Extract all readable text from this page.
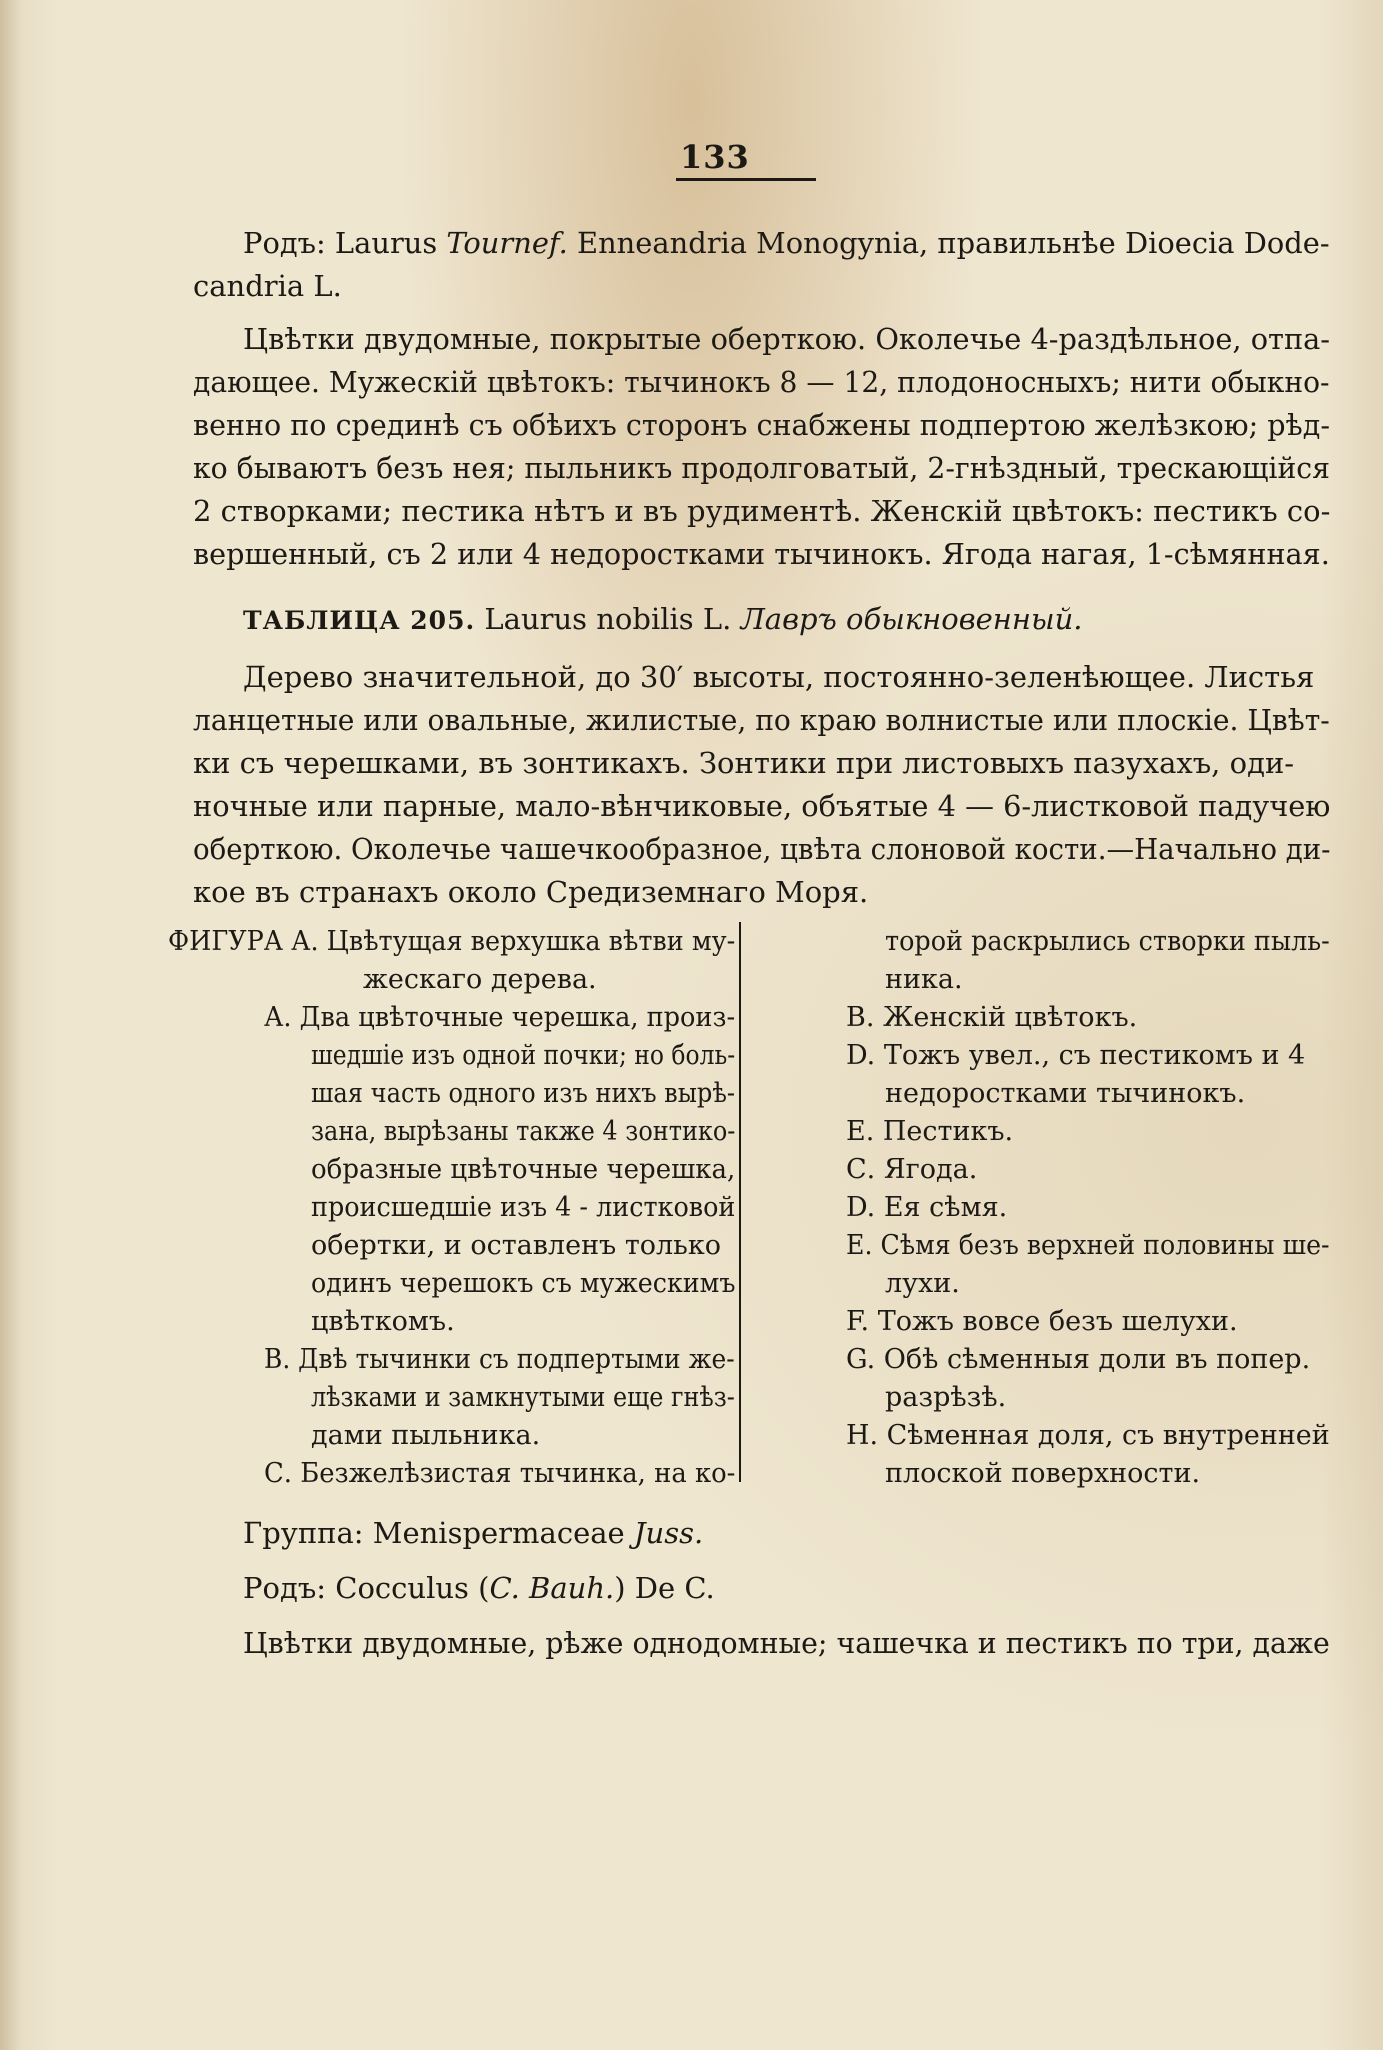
133
Родъ: Laurus Tournef. Enneandria Monogynia, правильнѣе Dioecia Dode-
candria L.
Цвѣтки двудомные, покрытые оберткою. Околечье 4-раздѣльное, отпа-
дающее. Мужескій цвѣтокъ: тычинокъ 8 — 12, плодоносныхъ; нити обыкно-
венно по срединѣ съ обѣихъ сторонъ снабжены подпертою желѣзкою; рѣд-
ко бываютъ безъ нея; пыльникъ продолговатый, 2-гнѣздный, трескающійся
2 створками; пестика нѣтъ и въ рудиментѣ. Женскій цвѣтокъ: пестикъ со-
вершенный, съ 2 или 4 недоростками тычинокъ. Ягода нагая, 1-сѣмянная.
ТАБЛИЦА 205. Laurus nobilis L. Лавръ обыкновенный.
Дерево значительной, до 30′ высоты, постоянно-зеленѣющее. Листья
ланцетные или овальные, жилистые, по краю волнистые или плоскіе. Цвѣт-
ки съ черешками, въ зонтикахъ. Зонтики при листовыхъ пазухахъ, оди-
ночные или парные, мало-вѣнчиковые, объятые 4 — 6-листковой падучею
оберткою. Околечье чашечкообразное, цвѣта слоновой кости.—Начально ди-
кое въ странахъ около Средиземнаго Моря.
ФИГУРА А. Цвѣтущая верхушка вѣтви му-
жескаго дерева.
А. Два цвѣточные черешка, произ-
шедшіе изъ одной почки; но боль-
шая часть одного изъ нихъ вырѣ-
зана, вырѣзаны также 4 зонтико-
образные цвѣточные черешка,
происшедшіе изъ 4 - листковой
обертки, и оставленъ только
одинъ черешокъ съ мужескимъ
цвѣткомъ.
В. Двѣ тычинки съ подпертыми же-
лѣзками и замкнутыми еще гнѣз-
дами пыльника.
С. Безжелѣзистая тычинка, на ко-
торой раскрылись створки пыль-
ника.
В. Женскій цвѣтокъ.
D. Тожъ увел., съ пестикомъ и 4
недоростками тычинокъ.
Е. Пестикъ.
С. Ягода.
D. Ея сѣмя.
Е. Сѣмя безъ верхней половины ше-
лухи.
F. Тожъ вовсе безъ шелухи.
G. Обѣ сѣменныя доли въ попер.
разрѣзѣ.
Н. Сѣменная доля, съ внутренней
плоской поверхности.
Группа: Menispermaceae Juss.
Родъ: Cocculus (C. Bauh.) De C.
Цвѣтки двудомные, рѣже однодомные; чашечка и пестикъ по три, даже
